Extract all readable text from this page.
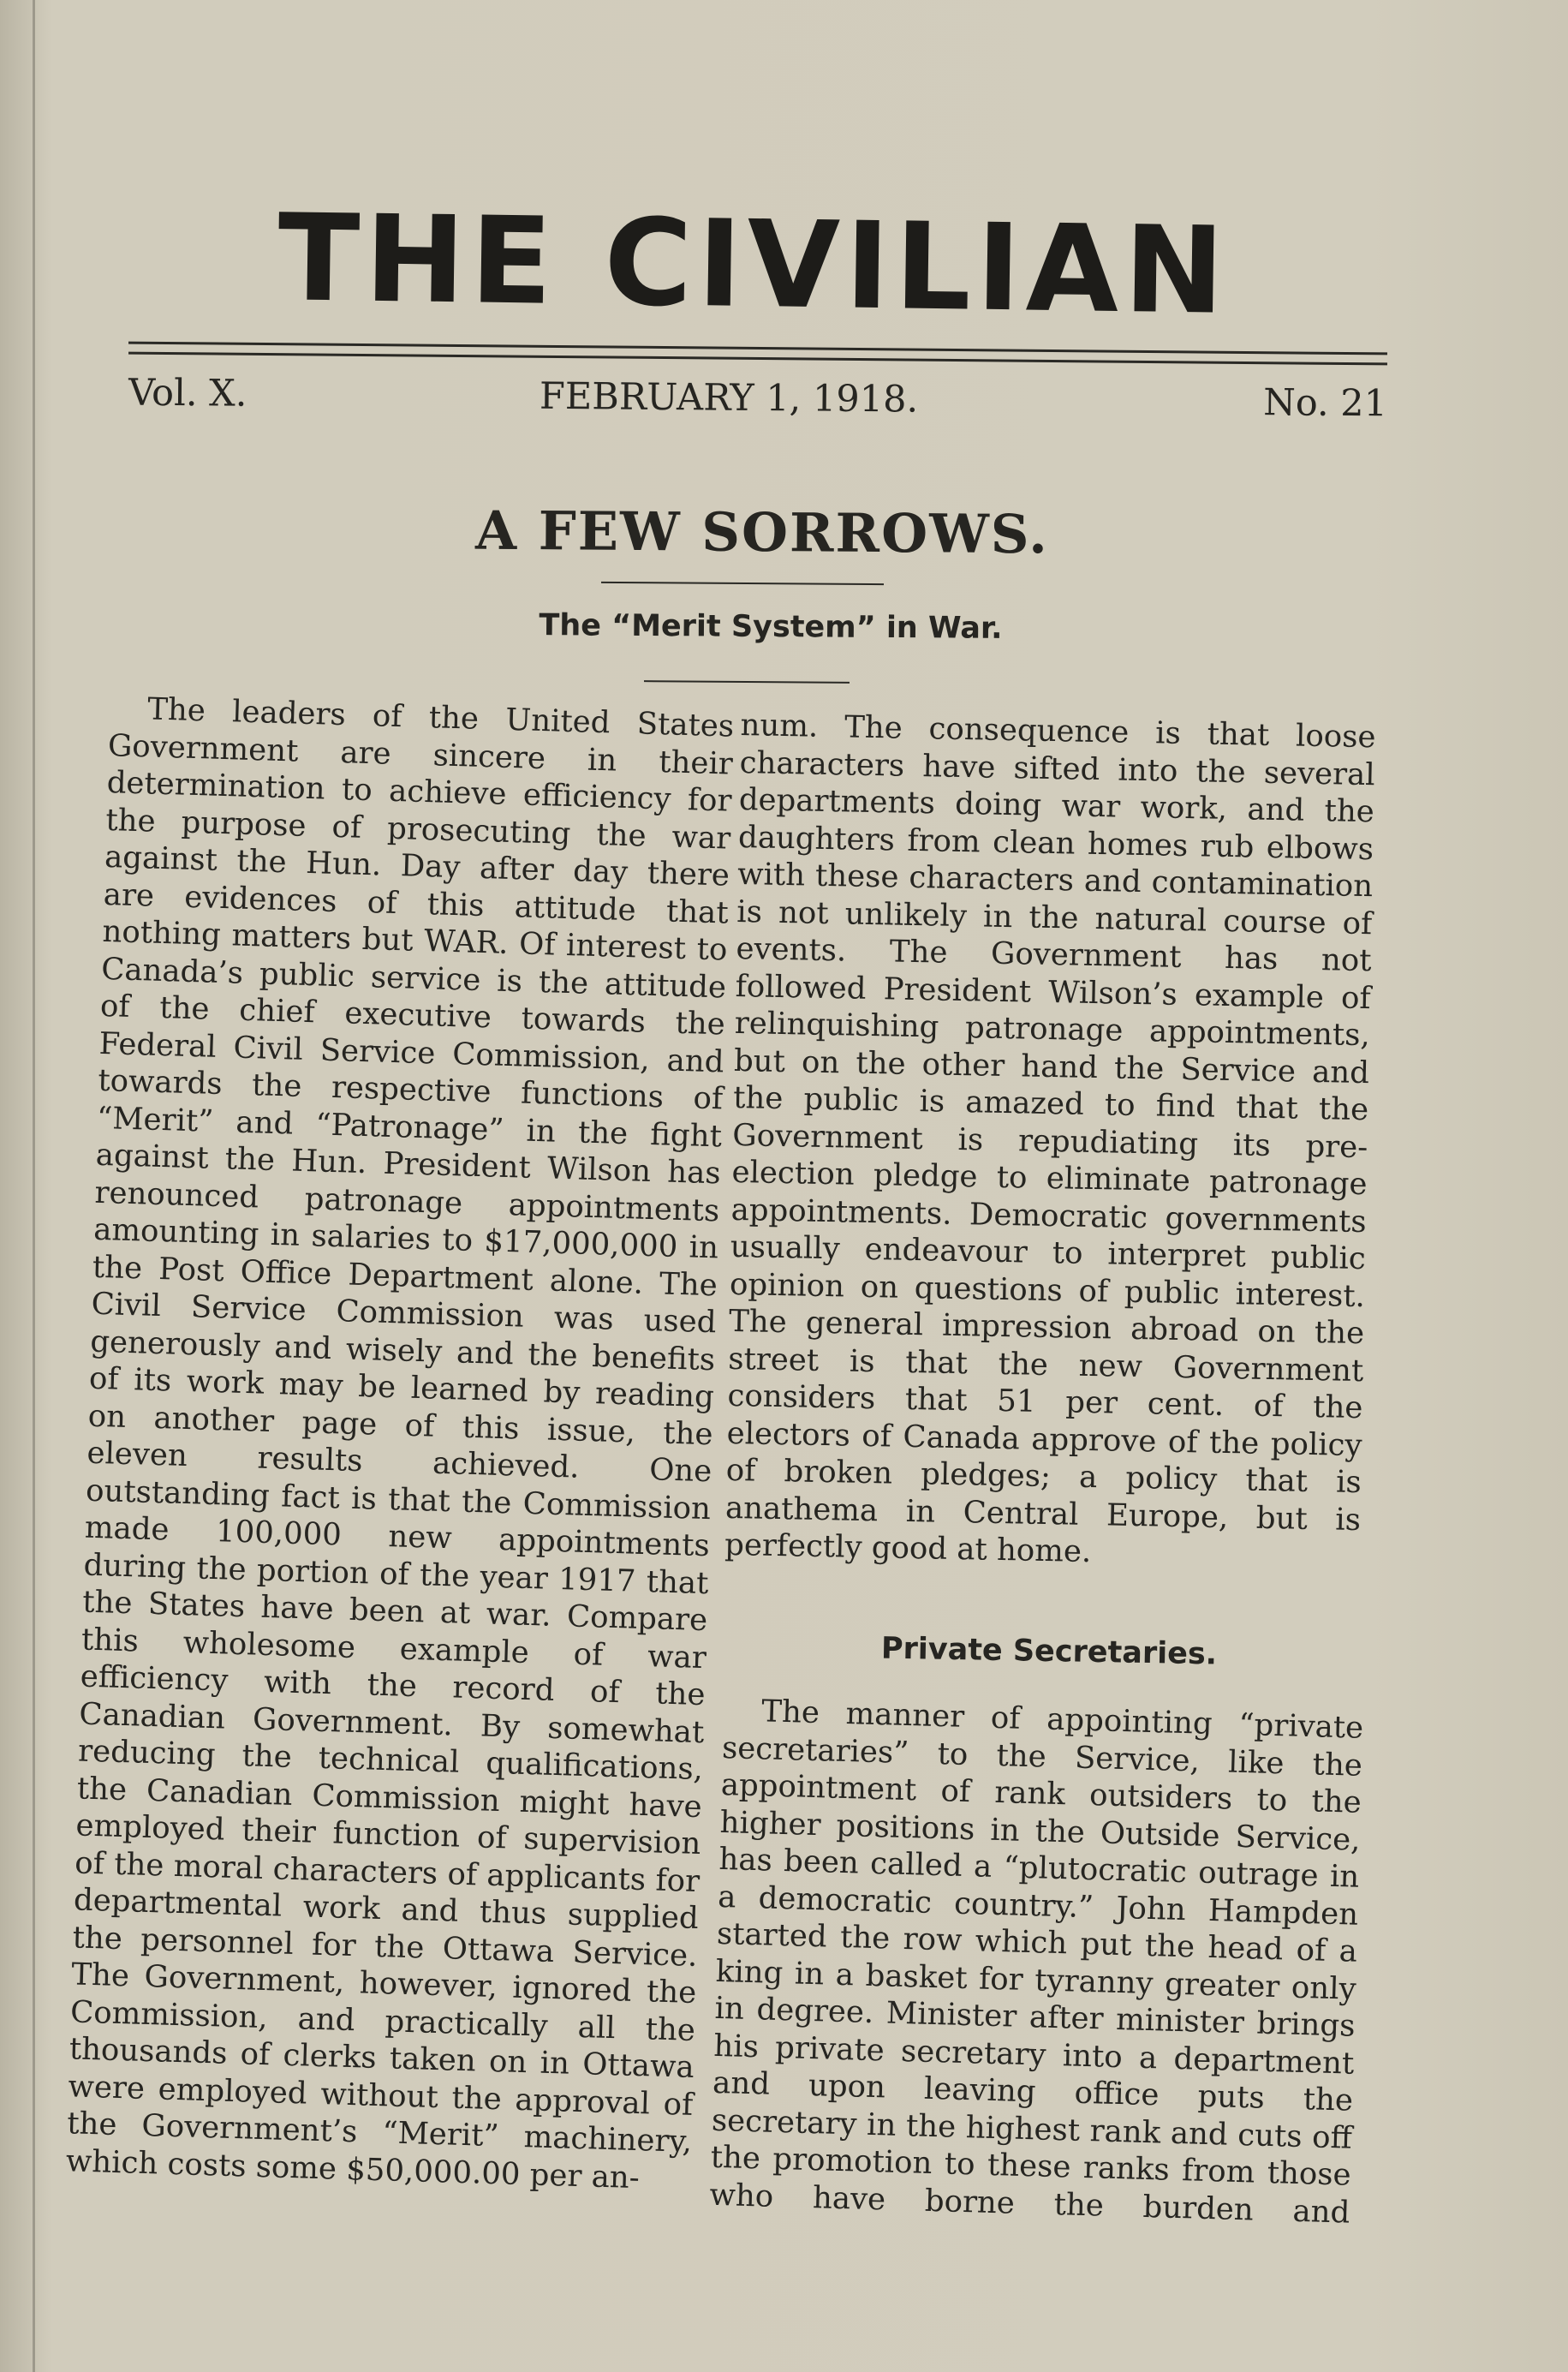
THE CIVILIAN
Vol. X.	FEBRUARY 1, 1918.	No. 21
A FEW SORROWS.
The “Merit System” in War.

The leaders of the United States Government are sincere in their determination to achieve efficiency for the purpose of prosecuting the war against the Hun. Day after day there are evidences of this attitude that nothing matters but WAR. Of interest to Canada’s public service is the attitude of the chief executive towards the Federal Civil Service Commission, and towards the respective functions of “Merit” and “Patronage” in the fight against the Hun. President Wilson has renounced patronage appointments amounting in salaries to $17,000,000 in the Post Office Department alone. The Civil Service Commission was used generously and wisely and the benefits of its work may be learned by reading on another page of this issue, the eleven results achieved. One outstanding fact is that the Commission made 100,000 new appointments during the portion of the year 1917 that the States have been at war. Compare this wholesome example of war efficiency with the record of the Canadian Government. By somewhat reducing the technical qualifications, the Canadian Commission might have employed their function of supervision of the moral characters of applicants for departmental work and thus supplied the personnel for the Ottawa Service. The Government, however, ignored the Commission, and practically all the thousands of clerks taken on in Ottawa were employed without the approval of the Government’s “Merit” machinery, which costs some $50,000.00 per an-

num. The consequence is that loose characters have sifted into the several departments doing war work, and the daughters from clean homes rub elbows with these characters and contamination is not unlikely in the natural course of events. The Government has not followed President Wilson’s example of relinquishing patronage appointments, but on the other hand the Service and the public is amazed to find that the Government is repudiating its pre-election pledge to eliminate patronage appointments. Democratic governments usually endeavour to interpret public opinion on questions of public interest. The general impression abroad on the street is that the new Government considers that 51 per cent. of the electors of Canada approve of the policy of broken pledges; a policy that is anathema in Central Europe, but is perfectly good at home.

Private Secretaries.

The manner of appointing “private secretaries” to the Service, like the appointment of rank outsiders to the higher positions in the Outside Service, has been called a “plutocratic outrage in a democratic country.” John Hampden started the row which put the head of a king in a basket for tyranny greater only in degree. Minister after minister brings his private secretary into a department and upon leaving office puts the secretary in the highest rank and cuts off the promotion to these ranks from those who have borne the burden and
